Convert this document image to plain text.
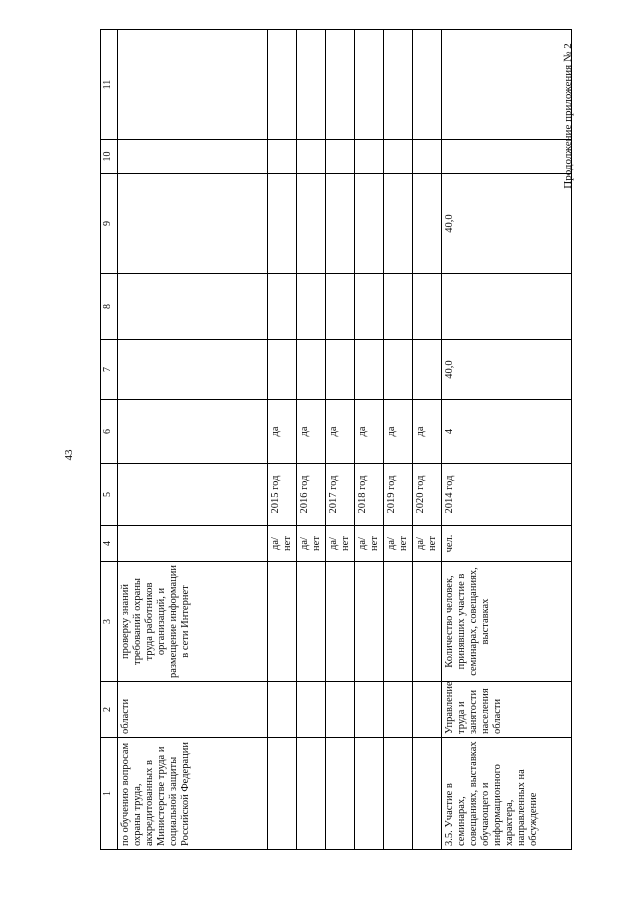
43
Продолжение приложения № 2
1	2	3	4	5	6	7	8	9	10	11
по обучению вопросам охраны труда, аккредитованных в Министерстве труда и социальной защиты Российской Федерации	области	проверку знаний требований охраны труда работников организаций, и размещение информации в сети Интернет								
			да/ нет	2015 год	да					
			да/ нет	2016 год	да					
			да/ нет	2017 год	да					
			да/ нет	2018 год	да					
			да/ нет	2019 год	да					
			да/ нет	2020 год	да					
3.5. Участие в семинарах, совещаниях, выставках обучающего и информационного характера, направленных на обсуждение	Управление труда и занятости населения области	Количество человек, принявших участие в семинарах, совещаниях, выставках	чел.	2014 год	4	40,0		40,0		
